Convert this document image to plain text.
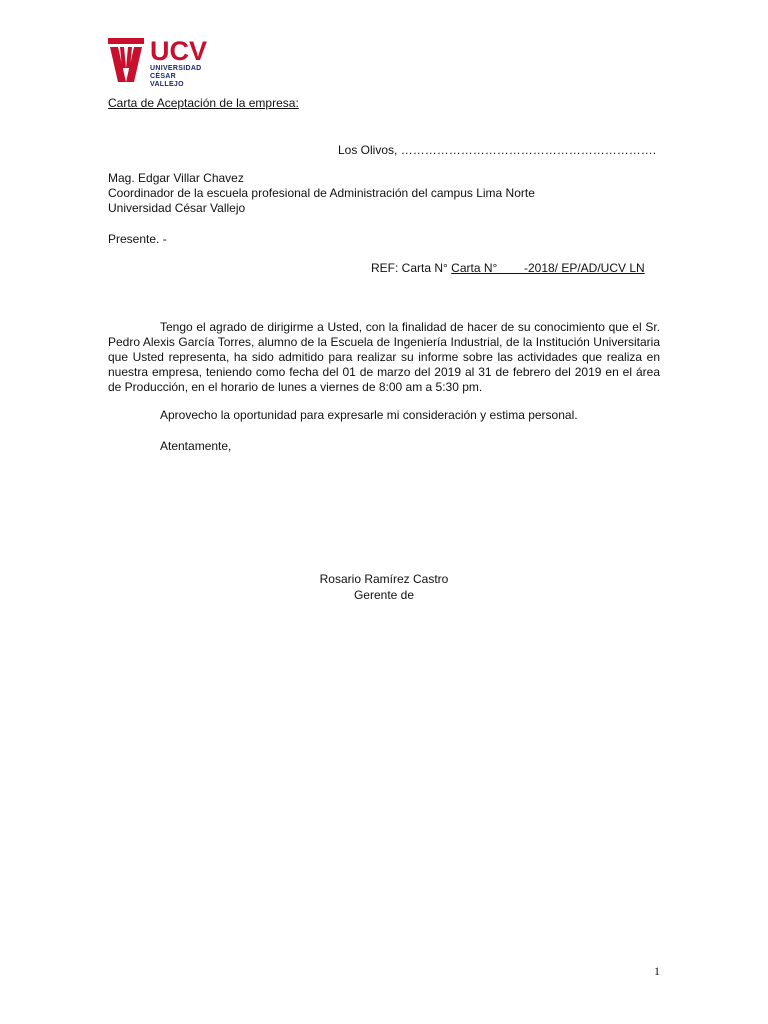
UCV
UNIVERSIDAD
CÉSAR VALLEJO
Carta de Aceptación de la empresa:
Los Olivos, ……………………………………………………….
Mag. Edgar Villar Chavez
Coordinador de la escuela profesional de Administración del campus Lima Norte
Universidad César Vallejo
Presente. -
REF: Carta N° Carta N°        -2018/ EP/AD/UCV LN

Tengo el agrado de dirigirme a Usted, con la finalidad de hacer de su conocimiento que el Sr. Pedro Alexis García Torres, alumno de la Escuela de Ingeniería Industrial, de la Institución Universitaria que Usted representa, ha sido admitido para realizar su informe sobre las actividades que realiza en nuestra empresa, teniendo como fecha del 01 de marzo del 2019 al 31 de febrero del 2019 en el área de Producción, en el horario de lunes a viernes de 8:00 am a 5:30 pm.

Aprovecho la oportunidad para expresarle mi consideración y estima personal.
Atentamente,
Rosario Ramírez Castro
Gerente de
1
